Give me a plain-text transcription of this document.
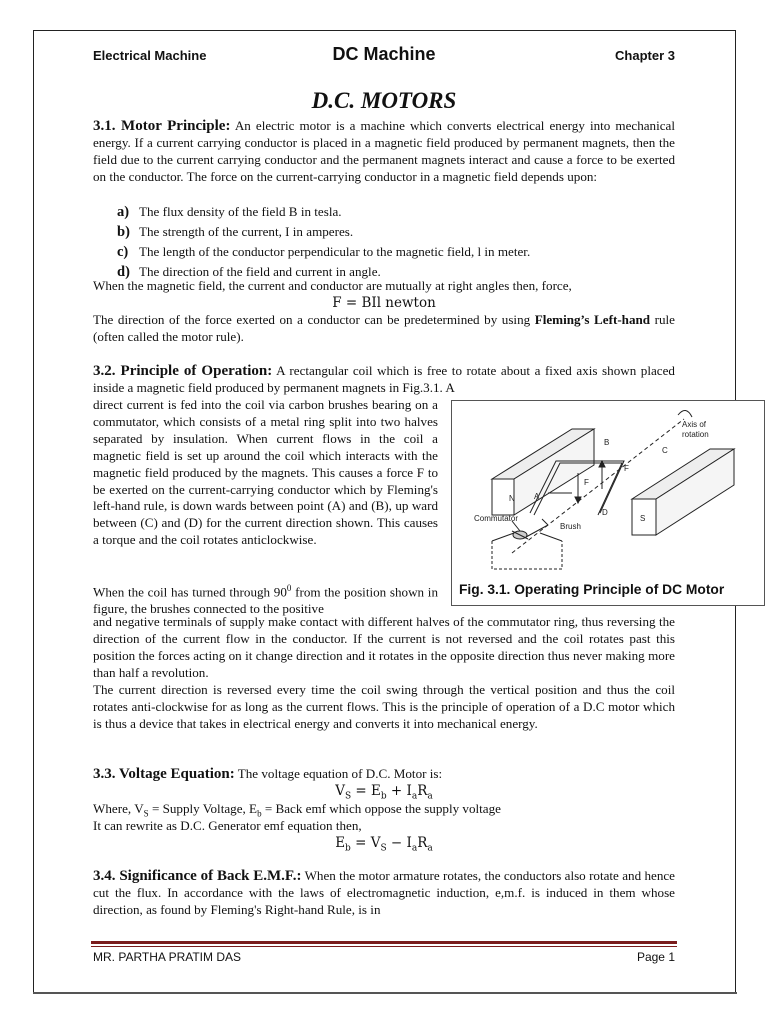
Electrical Machine	DC Machine	Chapter 3
D.C. MOTORS
3.1. Motor Principle: An electric motor is a machine which converts electrical energy into mechanical energy. If a current carrying conductor is placed in a magnetic field produced by permanent magnets, then the field due to the current carrying conductor and the permanent magnets interact and cause a force to be exerted on the conductor. The force on the current-carrying conductor in a magnetic field depends upon:
a) The flux density of the field B in tesla.
b) The strength of the current, I in amperes.
c) The length of the conductor perpendicular to the magnetic field, l in meter.
d) The direction of the field and current in angle.
When the magnetic field, the current and conductor are mutually at right angles then, force,
F = BIl newton
The direction of the force exerted on a conductor can be predetermined by using Fleming’s Left-hand rule (often called the motor rule).
3.2. Principle of Operation: A rectangular coil which is free to rotate about a fixed axis shown placed inside a magnetic field produced by permanent magnets in Fig.3.1. A
direct current is fed into the coil via carbon brushes bearing on a commutator, which consists of a metal ring split into two halves separated by insulation. When current flows in the coil a magnetic field is set up around the coil which interacts with the magnetic field produced by the magnets. This causes a force F to be exerted on the current-carrying conductor which by Fleming's left-hand rule, is down wards between point (A) and (B), up ward between (C) and (D) for the current direction shown. This causes a torque and the coil rotates anticlockwise.
When the coil has turned through $90^0$ from the position shown in figure, the brushes connected to the positive
and negative terminals of supply make contact with different halves of the commutator ring, thus reversing the direction of the current flow in the conductor. If the current is not reversed and the coil rotates past this position the forces acting on it change direction and it rotates in the opposite direction thus never making more than half a revolution.
The current direction is reversed every time the coil swing through the vertical position and thus the coil rotates anti-clockwise for as long as the current flows. This is the principle of operation of a D.C motor which is thus a device that takes in electrical energy and converts it into mechanical energy.
Axis of
rotation
N
S
A
B
C
D
F
F
Commutator
Brush
Fig. 3.1. Operating Principle of DC Motor
3.3. Voltage Equation: The voltage equation of D.C. Motor is:
$V_S = E_b + I_aR_a$
Where, $V_S$ = Supply Voltage, $E_b$ = Back emf which oppose the supply voltage
It can rewrite as D.C. Generator emf equation then,
$E_b = V_S - I_aR_a$
3.4. Significance of Back E.M.F.: When the motor armature rotates, the conductors also rotate and hence cut the flux. In accordance with the laws of electromagnetic induction, e,m.f. is induced in them whose direction, as found by Fleming's Right-hand Rule, is in
MR. PARTHA PRATIM DAS	Page 1
